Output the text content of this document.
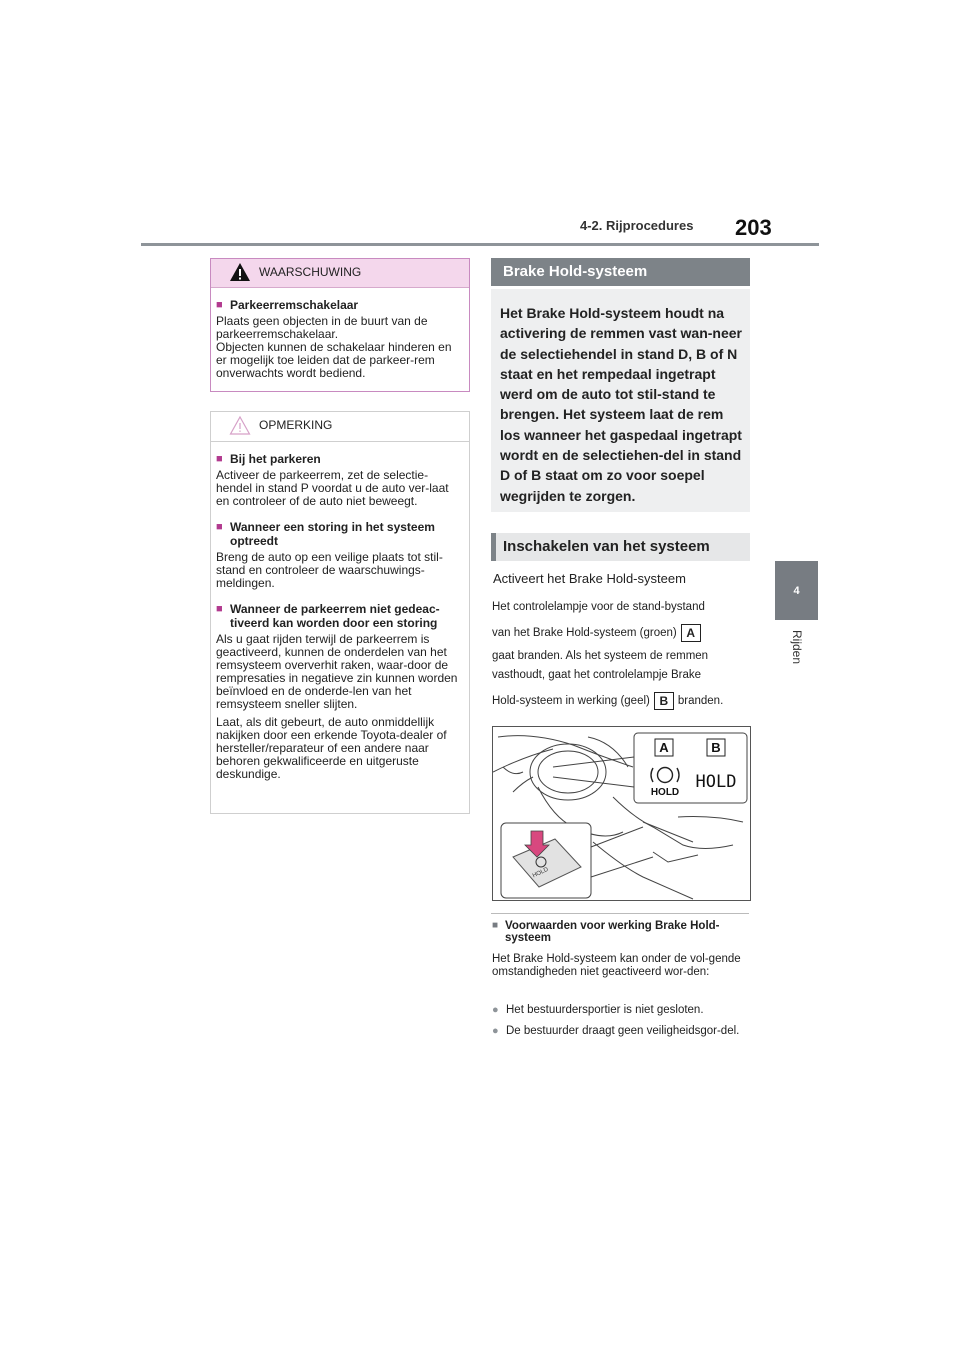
4-2. Rijprocedures 203
4
Rijden
WAARSCHUWING
■ Parkeerremschakelaar
Plaats geen objecten in de buurt van de parkeerremschakelaar.
Objecten kunnen de schakelaar hinderen en er mogelijk toe leiden dat de parkeer-rem onverwachts wordt bediend.
OPMERKING
■ Bij het parkeren
Activeer de parkeerrem, zet de selectie-hendel in stand P voordat u de auto ver-laat en controleer of de auto niet beweegt.
■ Wanneer een storing in het systeem optreedt
Breng de auto op een veilige plaats tot stil-stand en controleer de waarschuwings-meldingen.
■ Wanneer de parkeerrem niet gedeac-tiveerd kan worden door een storing
Als u gaat rijden terwijl de parkeerrem is geactiveerd, kunnen de onderdelen van het remsysteem oververhit raken, waar-door de rempresaties in negatieve zin kunnen worden beïnvloed en de onderde-len van het remsysteem sneller slijten.
Laat, als dit gebeurt, de auto onmiddellijk nakijken door een erkende Toyota-dealer of hersteller/reparateur of een andere naar behoren gekwalificeerde en uitgeruste deskundige.
Brake Hold-systeem
Het Brake Hold-systeem houdt na activering de remmen vast wan-neer de selectiehendel in stand D, B of N staat en het rempedaal ingetrapt werd om de auto tot stil-stand te brengen. Het systeem laat de rem los wanneer het gaspedaal ingetrapt wordt en de selectiehen-del in stand D of B staat om zo voor soepel wegrijden te zorgen.
Inschakelen van het systeem
Activeert het Brake Hold-systeem
Het controlelampje voor de stand-bystand
van het Brake Hold-systeem (groen) A
gaat branden. Als het systeem de remmen
vasthoudt, gaat het controlelampje Brake
Hold-systeem in werking (geel) B branden.
A	B
HOLD
HOLD
HOLD
■ Voorwaarden voor werking Brake Hold-systeem
Het Brake Hold-systeem kan onder de vol-gende omstandigheden niet geactiveerd wor-den:
● Het bestuurdersportier is niet gesloten.
● De bestuurder draagt geen veiligheidsgor-del.
